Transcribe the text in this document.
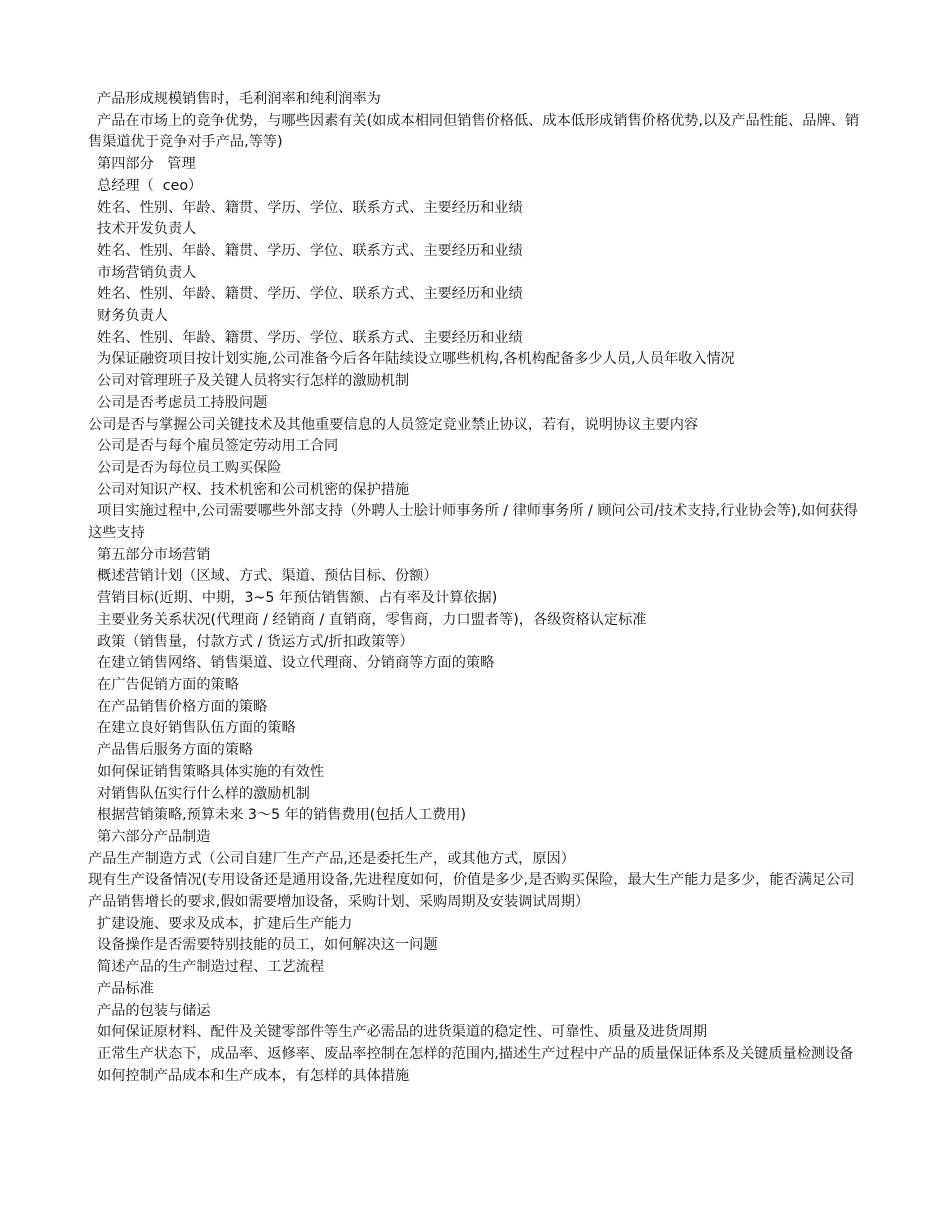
产品形成规模销售时，毛利润率和纯利润率为

产品在市场上的竞争优势，与哪些因素有关(如成本相同但销售价格低、成本低形成销售价格优势,以及产品性能、品牌、销售渠道优于竞争对手产品,等等)

第四部分   管理

总经理（  ceo）

姓名、性别、年龄、籍贯、学历、学位、联系方式、主要经历和业绩

技术开发负责人

姓名、性别、年龄、籍贯、学历、学位、联系方式、主要经历和业绩

市场营销负责人

姓名、性别、年龄、籍贯、学历、学位、联系方式、主要经历和业绩

财务负责人

姓名、性别、年龄、籍贯、学历、学位、联系方式、主要经历和业绩

为保证融资项目按计划实施,公司准备今后各年陆续设立哪些机构,各机构配备多少人员,人员年收入情况

公司对管理班子及关键人员将实行怎样的激励机制

公司是否考虑员工持股问题

公司是否与掌握公司关键技术及其他重要信息的人员签定竞业禁止协议，若有，说明协议主要内容

公司是否与每个雇员签定劳动用工合同

公司是否为每位员工购买保险

公司对知识产权、技术机密和公司机密的保护措施

项目实施过程中,公司需要哪些外部支持（外聘人士脍计师事务所 / 律师事务所 / 顾问公司/技术支持,行业协会等),如何获得这些支持

第五部分市场营销

概述营销计划（区域、方式、渠道、预估目标、份额）

营销目标(近期、中期，3~5 年预估销售额、占有率及计算依据)

主要业务关系状况(代理商 / 经销商 / 直销商，零售商，力口盟者等)，各级资格认定标准

政策（销售量，付款方式 / 货运方式/折扣政策等）

在建立销售网络、销售渠道、设立代理商、分销商等方面的策略

在广告促销方面的策略

在产品销售价格方面的策略

在建立良好销售队伍方面的策略

产品售后服务方面的策略

如何保证销售策略具体实施的有效性

对销售队伍实行什么样的激励机制

根据营销策略,预算未来 3～5 年的销售费用(包括人工费用)

第六部分产品制造

产品生产制造方式（公司自建厂生产产品,还是委托生产，或其他方式，原因）

现有生产设备情况(专用设备还是通用设备,先进程度如何，价值是多少,是否购买保险，最大生产能力是多少，能否满足公司产品销售增长的要求,假如需要增加设备，采购计划、采购周期及安装调试周期）

扩建设施、要求及成本，扩建后生产能力

设备操作是否需要特别技能的员工，如何解决这一问题

简述产品的生产制造过程、工艺流程

产品标准

产品的包装与储运

如何保证原材料、配件及关键零部件等生产必需品的进货渠道的稳定性、可靠性、质量及进货周期

正常生产状态下，成品率、返修率、废品率控制在怎样的范围内,描述生产过程中产品的质量保证体系及关键质量检测设备

如何控制产品成本和生产成本，有怎样的具体措施
